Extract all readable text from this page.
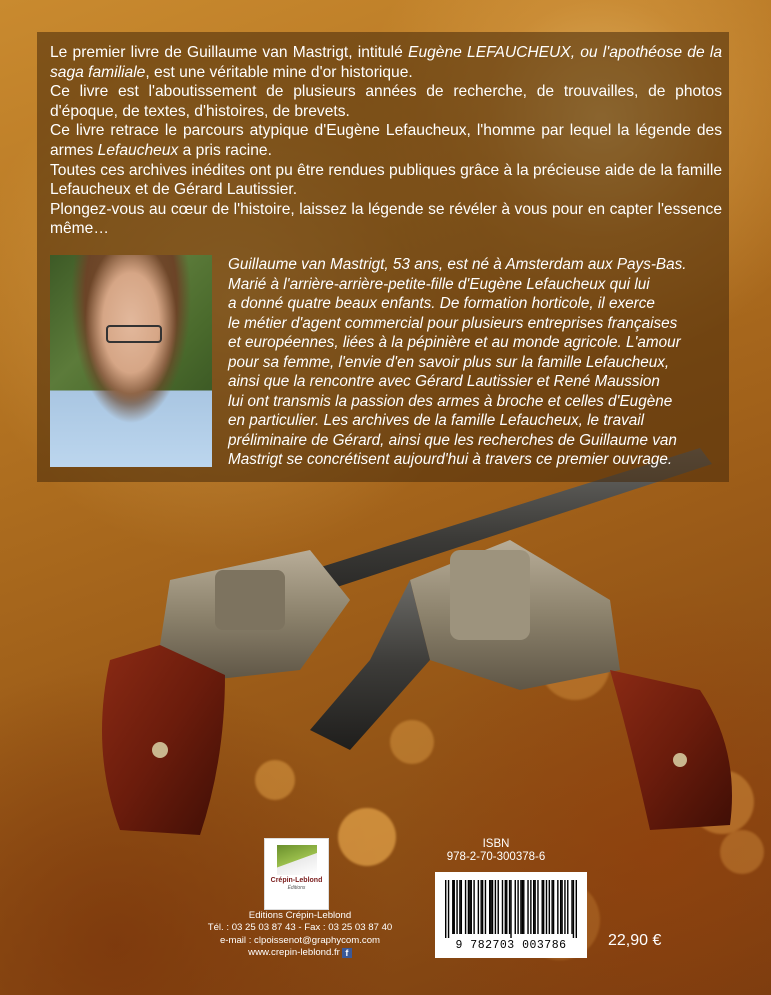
Le premier livre de Guillaume van Mastrigt, intitulé Eugène LEFAUCHEUX, ou l'apothéose de la saga familiale, est une véritable mine d'or historique.

Ce livre est l'aboutissement de plusieurs années de recherche, de trouvailles, de photos d'époque, de textes, d'histoires, de brevets.

Ce livre retrace le parcours atypique d'Eugène Lefaucheux, l'homme par lequel la légende des armes Lefaucheux a pris racine.

Toutes ces archives inédites ont pu être rendues publiques grâce à la précieuse aide de la famille Lefaucheux et de Gérard Lautissier.

Plongez-vous au cœur de l'histoire, laissez la légende se révéler à vous pour en capter l'essence même…

Guillaume van Mastrigt, 53 ans, est né à Amsterdam aux Pays-Bas.
Marié à l'arrière-arrière-petite-fille d'Eugène Lefaucheux qui lui
a donné quatre beaux enfants. De formation horticole, il exerce
le métier d'agent commercial pour plusieurs entreprises françaises
et européennes, liées à la pépinière et au monde agricole. L'amour
pour sa femme, l'envie d'en savoir plus sur la famille Lefaucheux,
ainsi que la rencontre avec Gérard Lautissier et René Maussion
lui ont transmis la passion des armes à broche et celles d'Eugène
en particulier. Les archives de la famille Lefaucheux, le travail
préliminaire de Gérard, ainsi que les recherches de Guillaume van
Mastrigt se concrétisent aujourd'hui à travers ce premier ouvrage.
Crépin-Leblond
Éditions
Editions Crépin-Leblond
Tél. : 03 25 03 87 43 - Fax : 03 25 03 87 40
e-mail : clpoissenot@graphycom.com
www.crepin-leblond.fr f
ISBN
978-2-70-300378-6
9 782703 003786	22,90 €
